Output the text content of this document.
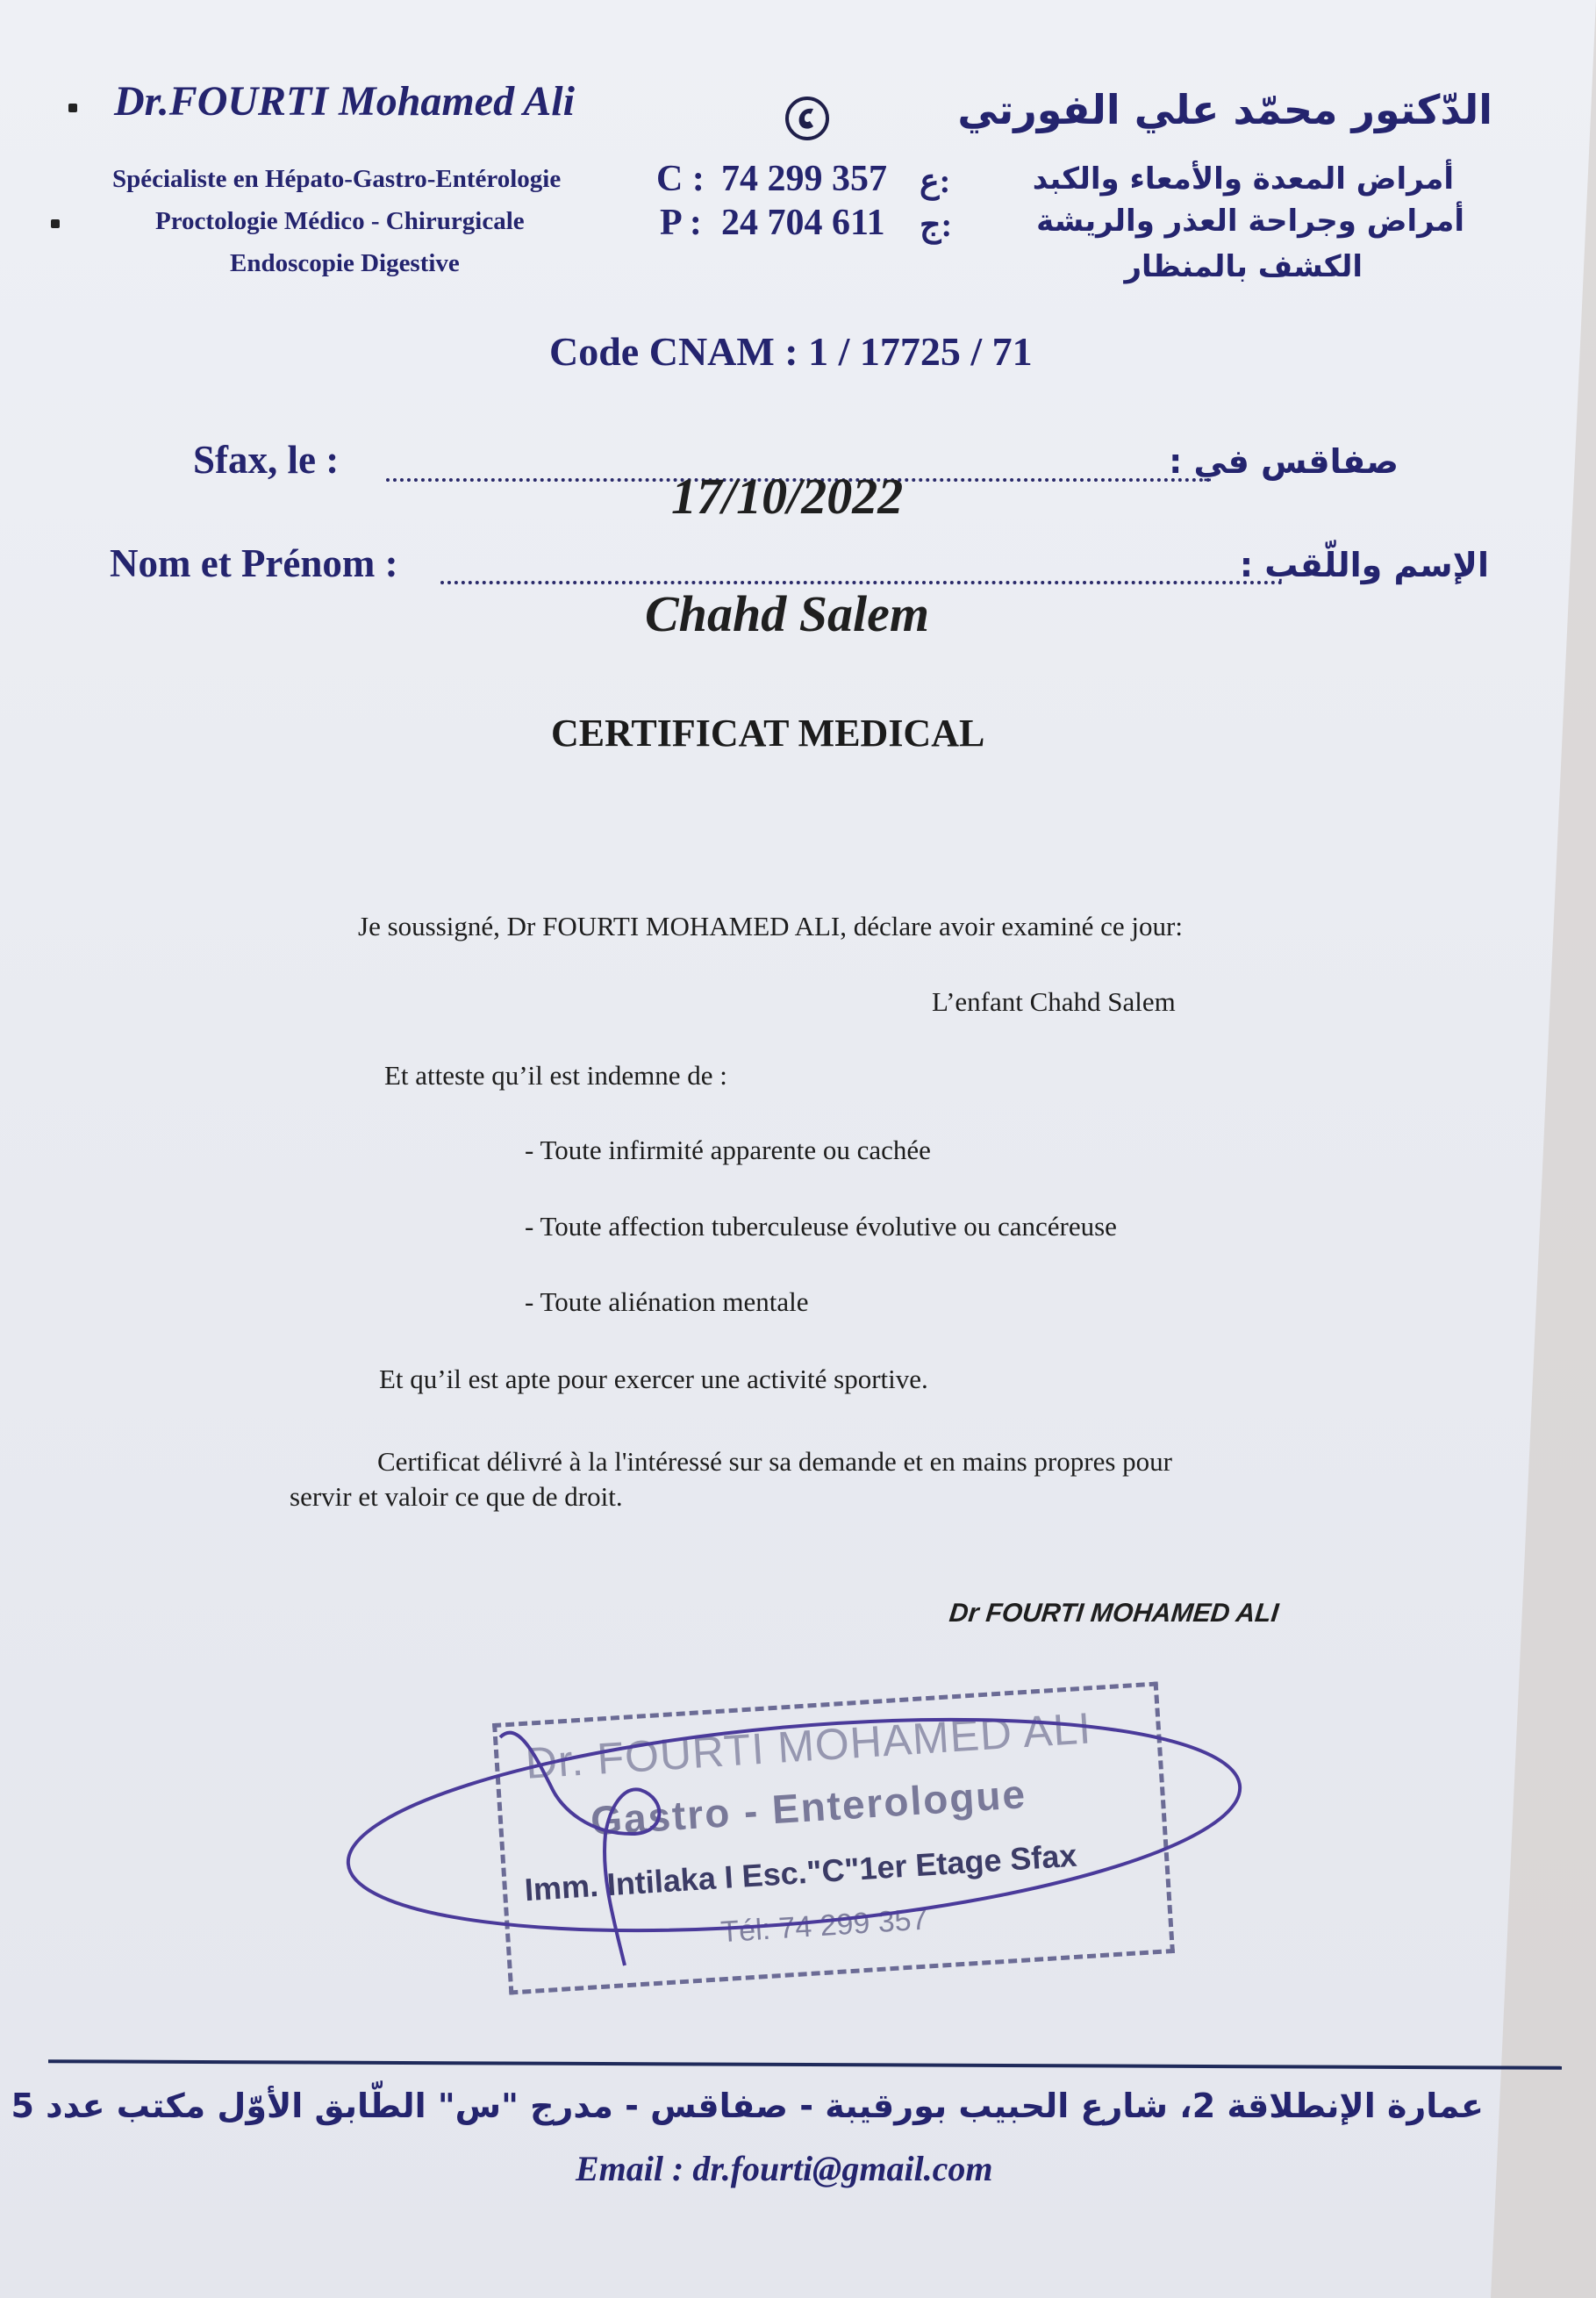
Dr.FOURTI Mohamed Ali
Spécialiste en Hépato-Gastro-Entérologie
Proctologie Médico - Chirurgicale
Endoscopie Digestive
C : 74 299 357 :ع
P : 24 704 611 :ج
الدّكتور محمّد علي الفورتي
أمراض المعدة والأمعاء والكبد
أمراض وجراحة العذر والريشة
الكشف بالمنظار
Code CNAM : 1 / 17725 / 71
Sfax, le :	صفاقس في :
17/10/2022
Nom et Prénom :	الإسم واللّقب :
Chahd Salem
CERTIFICAT MEDICAL
Je soussigné, Dr FOURTI MOHAMED ALI, déclare avoir examiné ce jour:
L’enfant Chahd Salem
Et atteste qu’il est indemne de :
- Toute infirmité apparente ou cachée
- Toute affection tuberculeuse évolutive ou cancéreuse
- Toute aliénation mentale
Et qu’il est apte pour exercer une activité sportive.
Certificat délivré à la l'intéressé sur sa demande et en mains propres pour
servir et valoir ce que de droit.
Dr FOURTI MOHAMED ALI
Dr. FOURTI MOHAMED ALI
Gastro - Enterologue
Imm. Intilaka I Esc."C"1er Etage Sfax
Tél: 74 299 357
عمارة الإنطلاقة 2، شارع الحبيب بورقيبة - صفاقس - مدرج "س" الطّابق الأوّل مكتب عدد 5
Email : dr.fourti@gmail.com
